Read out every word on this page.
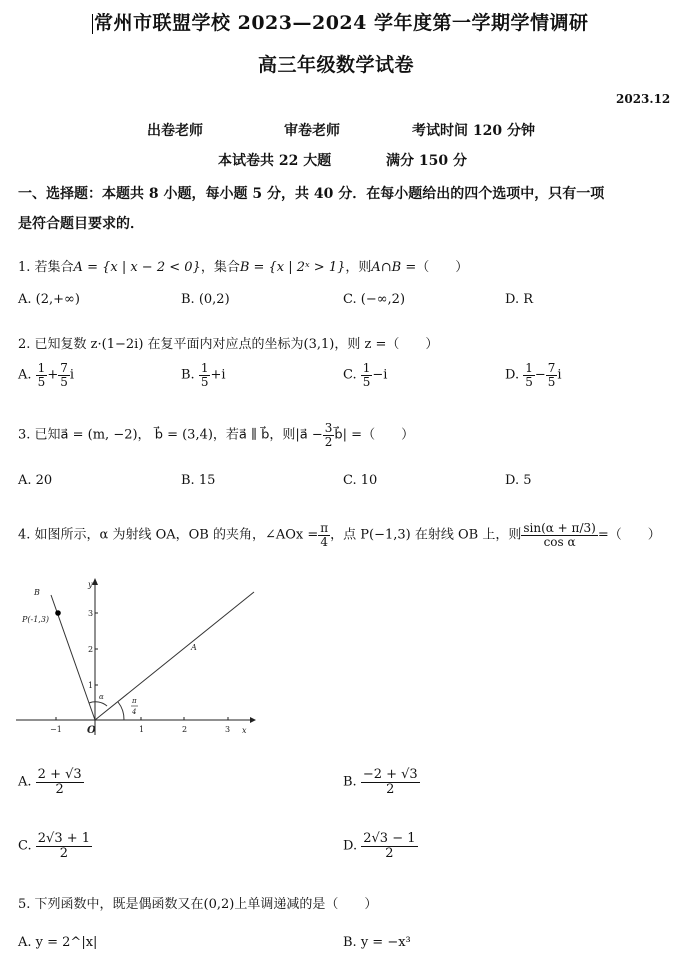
常州市联盟学校 2023—2024 学年度第一学期学情调研
高三年级数学试卷
2023.12
出卷老师	审卷老师	考试时间 120 分钟
本试卷共 22 大题	满分 150 分
一、选择题：本题共 8 小题，每小题 5 分，共 40 分．在每小题给出的四个选项中，只有一项
是符合题目要求的．
1. 若集合A = {x | x − 2 < 0}，集合B = {x | 2ˣ > 1}，则A∩B =（　　）
A. (2,+∞)	B. (0,2)	C. (−∞,2)	D. R
2. 已知复数 z·(1−2i) 在复平面内对应点的坐标为(3,1)，则 z =（　　）
A. $\frac{1}{5} + \frac{7}{5}$ i	B. $\frac{1}{5} +i$	C. $\frac{1}{5} -i$	D. $\frac{1}{5} - \frac{7}{5}$ i
3. 已知a⃗ = (m, −2)， b⃗ = (3,4)，若a⃗ ∥ b⃗，则|a⃗ − $\frac{3}{2}$ b⃗| =（　　）
A. 20	B. 15	C. 10	D. 5
4. 如图所示，α 为射线 OA，OB 的夹角，∠AOx = $\frac{\pi}{4}$ ，点 P(−1,3) 在射线 OB 上，则 $\frac{\sin(\alpha + \pi/3)}{\text{cos α}}$ =（　　）
B
P(-1,3)
A
O	x
y
α	π
4
−1	1	2	3
1
2
3
A. $\frac{2 + √3}{2}$	B. $\frac{-2 + √3}{2}$
C. $\frac{2√3 + 1}{2}$	D. $\frac{2√3 - 1}{2}$
5. 下列函数中，既是偶函数又在(0,2)上单调递减的是（　　）
A. y = 2^|x|	B. y = −x³
